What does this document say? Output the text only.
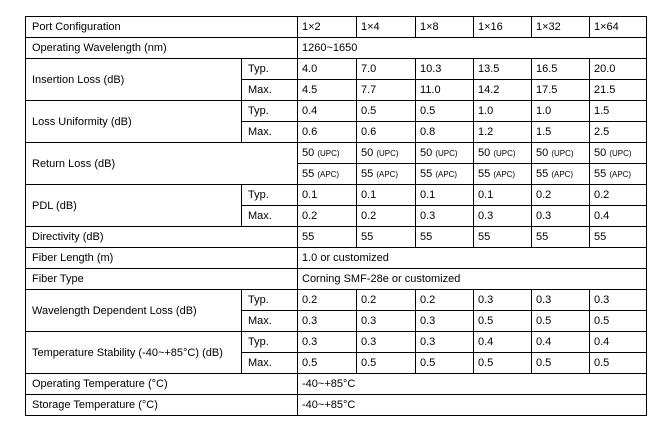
Port Configuration		1×2	1×4	1×8	1×16	1×32	1×64
Operating Wavelength (nm)		1260~1650					
Insertion Loss (dB)	Typ.	4.0	7.0	10.3	13.5	16.5	20.0
	Max.	4.5	7.7	11.0	14.2	17.5	21.5
Loss Uniformity (dB)	Typ.	0.4	0.5	0.5	1.0	1.0	1.5
	Max.	0.6	0.6	0.8	1.2	1.5	2.5
Return Loss (dB)		50 (UPC)	50 (UPC)	50 (UPC)	50 (UPC)	50 (UPC)	50 (UPC)
		55 (APC)	55 (APC)	55 (APC)	55 (APC)	55 (APC)	55 (APC)
PDL (dB)	Typ.	0.1	0.1	0.1	0.1	0.2	0.2
	Max.	0.2	0.2	0.3	0.3	0.3	0.4
Directivity (dB)		55	55	55	55	55	55
Fiber Length (m)		1.0 or customized					
Fiber Type		Corning SMF-28e or customized					
Wavelength Dependent Loss (dB)	Typ.	0.2	0.2	0.2	0.3	0.3	0.3
	Max.	0.3	0.3	0.3	0.5	0.5	0.5
Temperature Stability (-40~+85°C) (dB)	Typ.	0.3	0.3	0.3	0.4	0.4	0.4
	Max.	0.5	0.5	0.5	0.5	0.5	0.5
Operating Temperature (°C)		-40~+85°C					
Storage Temperature (°C)		-40~+85°C					
